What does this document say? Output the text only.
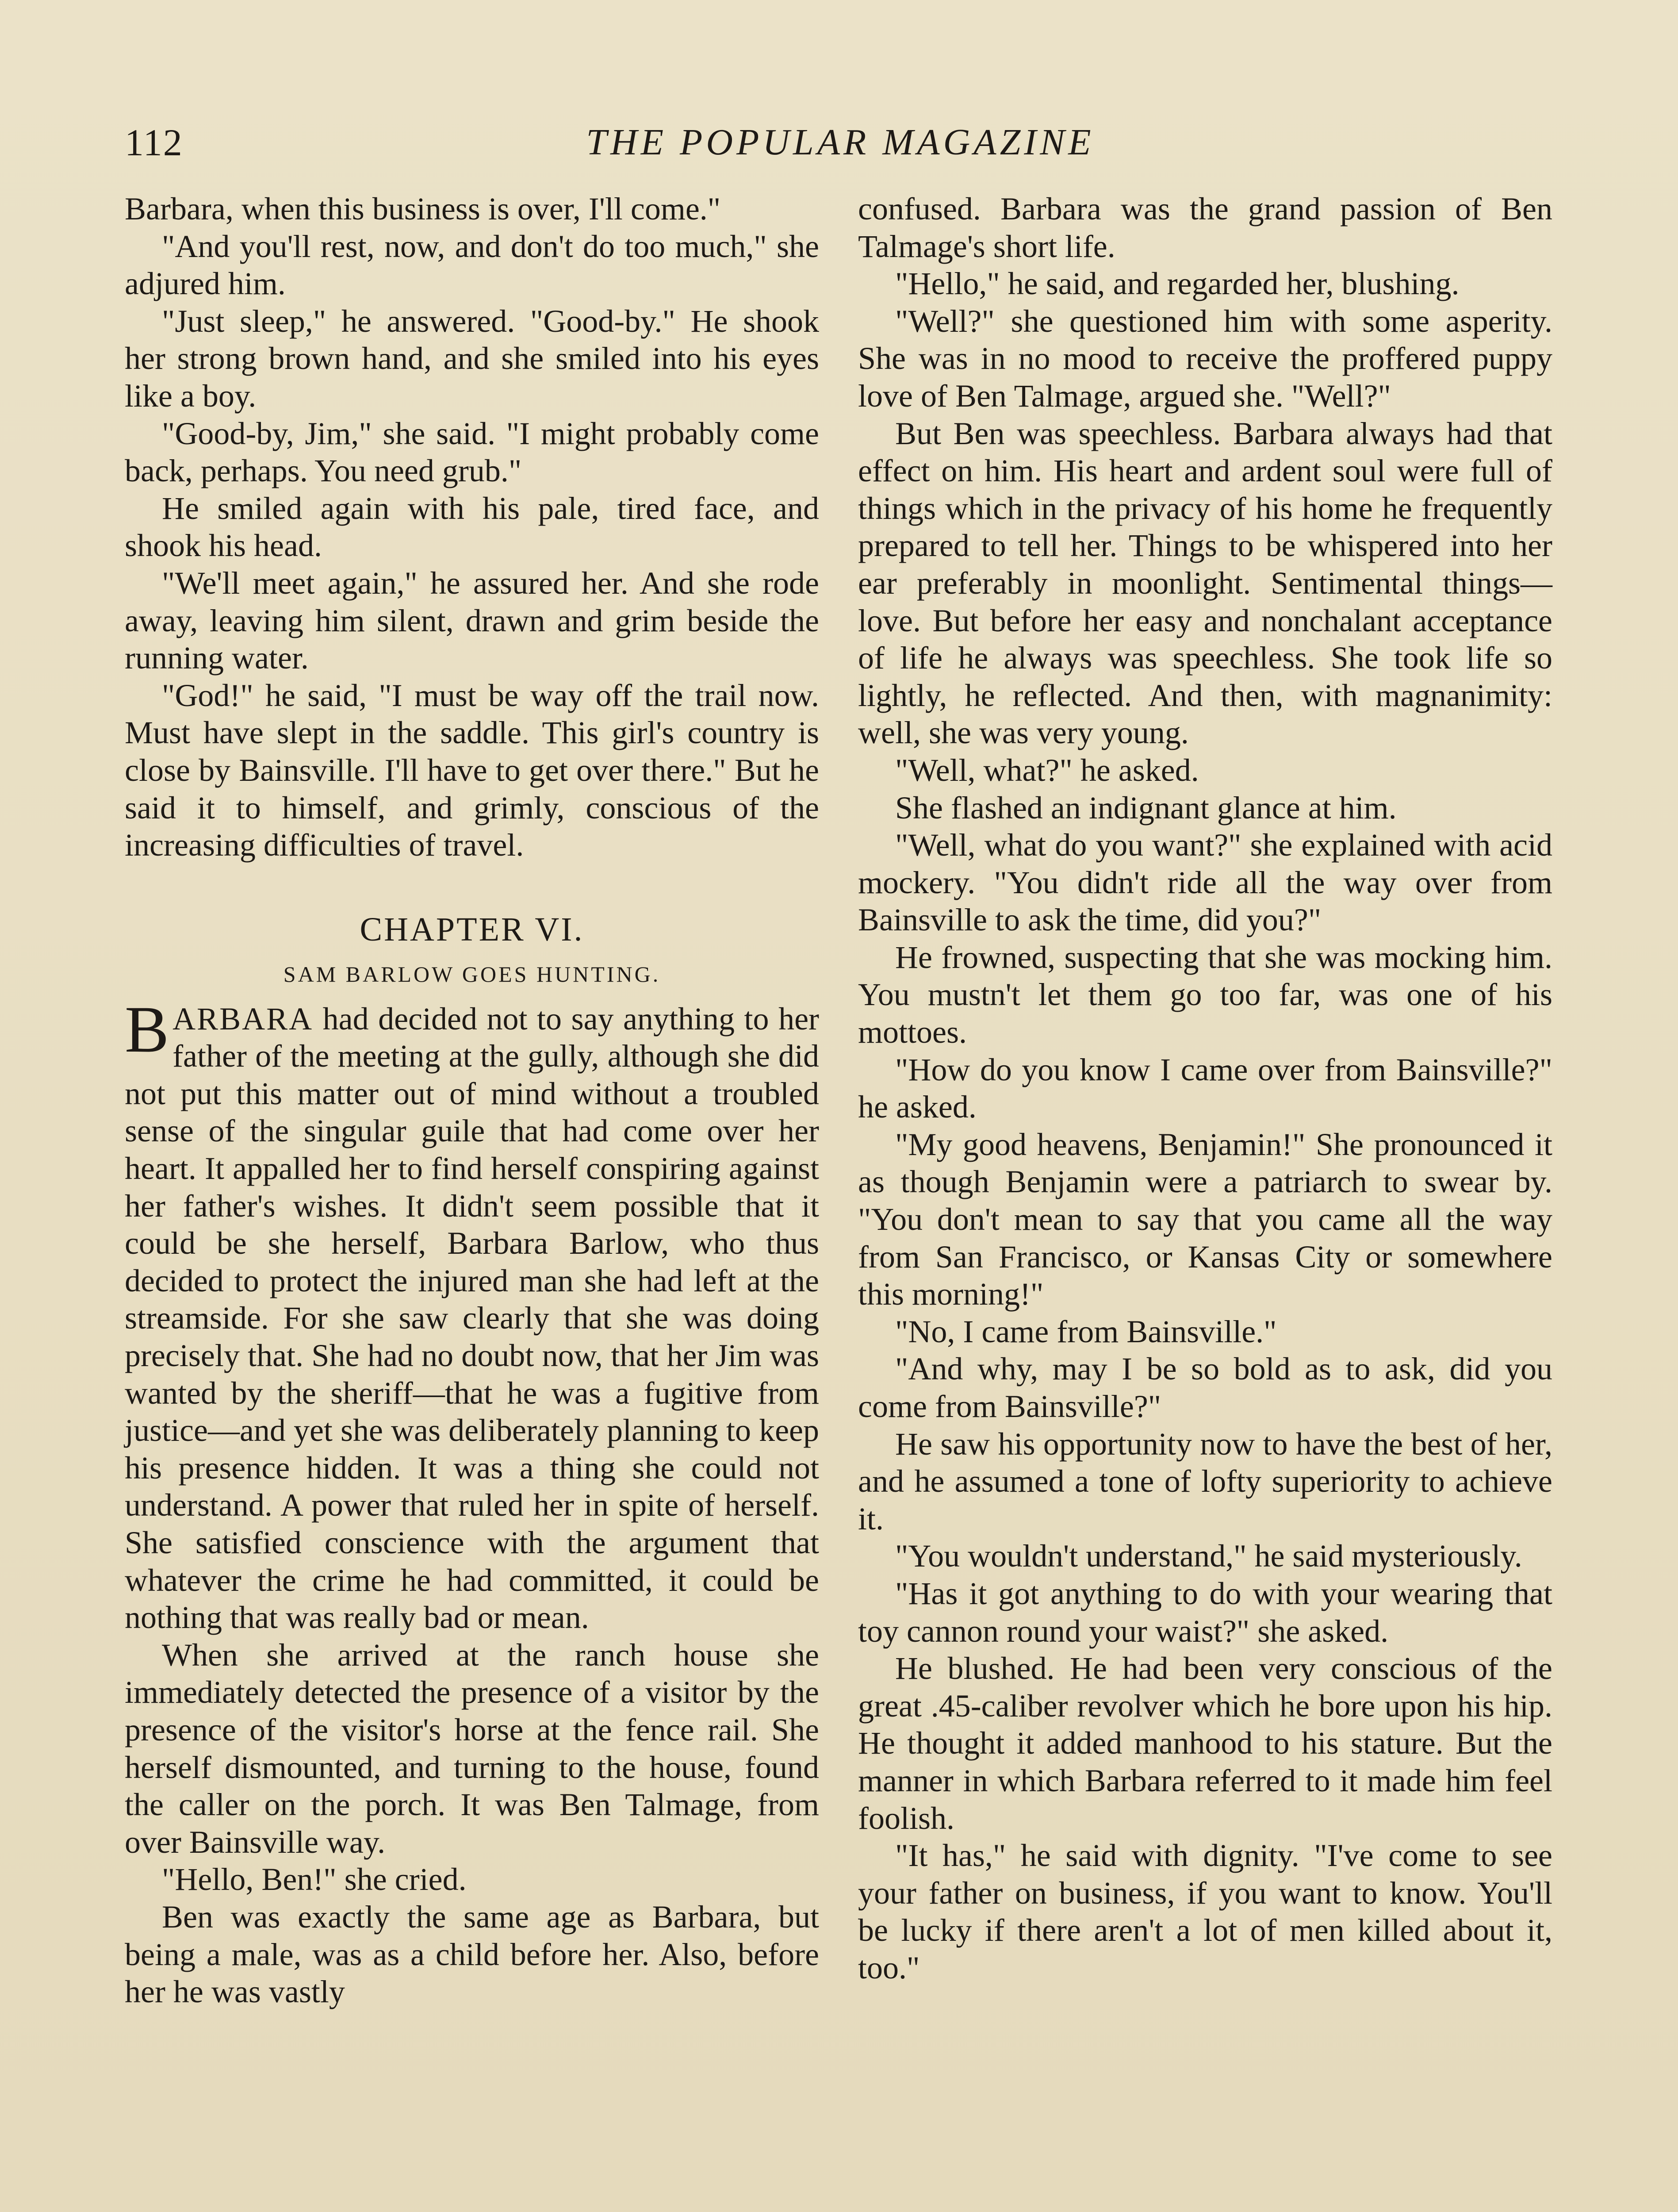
112	THE POPULAR MAGAZINE

Barbara, when this business is over, I'll come."

"And you'll rest, now, and don't do too much," she adjured him.

"Just sleep," he answered. "Good-by." He shook her strong brown hand, and she smiled into his eyes like a boy.

"Good-by, Jim," she said. "I might probably come back, perhaps. You need grub."

He smiled again with his pale, tired face, and shook his head.

"We'll meet again," he assured her. And she rode away, leaving him silent, drawn and grim beside the running water.

"God!" he said, "I must be way off the trail now. Must have slept in the saddle. This girl's country is close by Bainsville. I'll have to get over there." But he said it to himself, and grimly, conscious of the increasing difficulties of travel.

CHAPTER VI.
SAM BARLOW GOES HUNTING.

BARBARA had decided not to say anything to her father of the meeting at the gully, although she did not put this matter out of mind without a troubled sense of the singular guile that had come over her heart. It appalled her to find herself conspiring against her father's wishes. It didn't seem possible that it could be she herself, Barbara Barlow, who thus decided to protect the injured man she had left at the streamside. For she saw clearly that she was doing precisely that. She had no doubt now, that her Jim was wanted by the sheriff—that he was a fugitive from justice—and yet she was deliberately planning to keep his presence hidden. It was a thing she could not understand. A power that ruled her in spite of herself. She satisfied conscience with the argument that whatever the crime he had committed, it could be nothing that was really bad or mean.

When she arrived at the ranch house she immediately detected the presence of a visitor by the presence of the visitor's horse at the fence rail. She herself dismounted, and turning to the house, found the caller on the porch. It was Ben Talmage, from over Bainsville way.

"Hello, Ben!" she cried.

Ben was exactly the same age as Barbara, but being a male, was as a child before her. Also, before her he was vastly

confused. Barbara was the grand passion of Ben Talmage's short life.

"Hello," he said, and regarded her, blushing.

"Well?" she questioned him with some asperity. She was in no mood to receive the proffered puppy love of Ben Talmage, argued she. "Well?"

But Ben was speechless. Barbara always had that effect on him. His heart and ardent soul were full of things which in the privacy of his home he frequently prepared to tell her. Things to be whispered into her ear preferably in moonlight. Sentimental things—love. But before her easy and nonchalant acceptance of life he always was speechless. She took life so lightly, he reflected. And then, with magnanimity: well, she was very young.

"Well, what?" he asked.

She flashed an indignant glance at him.

"Well, what do you want?" she explained with acid mockery. "You didn't ride all the way over from Bainsville to ask the time, did you?"

He frowned, suspecting that she was mocking him. You mustn't let them go too far, was one of his mottoes.

"How do you know I came over from Bainsville?" he asked.

"My good heavens, Benjamin!" She pronounced it as though Benjamin were a patriarch to swear by. "You don't mean to say that you came all the way from San Francisco, or Kansas City or somewhere this morning!"

"No, I came from Bainsville."

"And why, may I be so bold as to ask, did you come from Bainsville?"

He saw his opportunity now to have the best of her, and he assumed a tone of lofty superiority to achieve it.

"You wouldn't understand," he said mysteriously.

"Has it got anything to do with your wearing that toy cannon round your waist?" she asked.

He blushed. He had been very conscious of the great .45-caliber revolver which he bore upon his hip. He thought it added manhood to his stature. But the manner in which Barbara referred to it made him feel foolish.

"It has," he said with dignity. "I've come to see your father on business, if you want to know. You'll be lucky if there aren't a lot of men killed about it, too."
